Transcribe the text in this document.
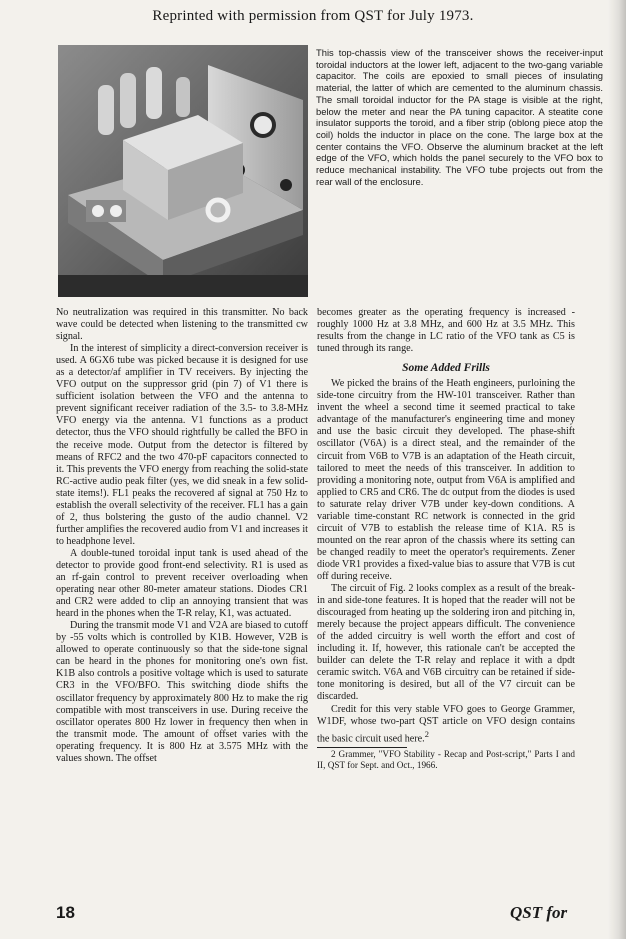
Reprinted with permission from QST for July 1973.
This top-chassis view of the transceiver shows the receiver-input toroidal inductors at the lower left, adjacent to the two-gang variable capacitor. The coils are epoxied to small pieces of insulating material, the latter of which are cemented to the aluminum chassis. The small toroidal inductor for the PA stage is visible at the right, below the meter and near the PA tuning capacitor. A steatite cone insulator supports the toroid, and a fiber strip (oblong piece atop the coil) holds the inductor in place on the cone. The large box at the center contains the VFO. Observe the aluminum bracket at the left edge of the VFO, which holds the panel securely to the VFO box to reduce mechanical instability. The VFO tube projects out from the rear wall of the enclosure.

No neutralization was required in this transmitter. No back wave could be detected when listening to the transmitted cw signal.

In the interest of simplicity a direct-conversion receiver is used. A 6GX6 tube was picked because it is designed for use as a detector/af amplifier in TV receivers. By injecting the VFO output on the suppressor grid (pin 7) of V1 there is sufficient isolation between the VFO and the antenna to prevent significant receiver radiation of the 3.5- to 3.8-MHz VFO energy via the antenna. V1 functions as a product detector, thus the VFO should rightfully be called the BFO in the receive mode. Output from the detector is filtered by means of RFC2 and the two 470-pF capacitors connected to it. This prevents the VFO energy from reaching the solid-state RC-active audio peak filter (yes, we did sneak in a few solid-state items!). FL1 peaks the recovered af signal at 750 Hz to establish the overall selectivity of the receiver. FL1 has a gain of 2, thus bolstering the gusto of the audio channel. V2 further amplifies the recovered audio from V1 and increases it to headphone level.

A double-tuned toroidal input tank is used ahead of the detector to provide good front-end selectivity. R1 is used as an rf-gain control to prevent receiver overloading when operating near other 80-meter amateur stations. Diodes CR1 and CR2 were added to clip an annoying transient that was heard in the phones when the T-R relay, K1, was actuated.

During the transmit mode V1 and V2A are biased to cutoff by -55 volts which is controlled by K1B. However, V2B is allowed to operate continuously so that the side-tone signal can be heard in the phones for monitoring one's own fist. K1B also controls a positive voltage which is used to saturate CR3 in the VFO/BFO. This switching diode shifts the oscillator frequency by approximately 800 Hz to make the rig compatible with most transceivers in use. During receive the oscillator operates 800 Hz lower in frequency then when in the transmit mode. The amount of offset varies with the operating frequency. It is 800 Hz at 3.575 MHz with the values shown. The offset

becomes greater as the operating frequency is increased - roughly 1000 Hz at 3.8 MHz, and 600 Hz at 3.5 MHz. This results from the change in LC ratio of the VFO tank as C5 is tuned through its range.

Some Added Frills

We picked the brains of the Heath engineers, purloining the side-tone circuitry from the HW-101 transceiver. Rather than invent the wheel a second time it seemed practical to take advantage of the manufacturer's engineering time and money and use the basic circuit they developed. The phase-shift oscillator (V6A) is a direct steal, and the remainder of the circuit from V6B to V7B is an adaptation of the Heath circuit, tailored to meet the needs of this transceiver. In addition to providing a monitoring note, output from V6A is amplified and applied to CR5 and CR6. The dc output from the diodes is used to saturate relay driver V7B under key-down conditions. A variable time-constant RC network is connected in the grid circuit of V7B to establish the release time of K1A. R5 is mounted on the rear apron of the chassis where its setting can be changed readily to meet the operator's requirements. Zener diode VR1 provides a fixed-value bias to assure that V7B is cut off during receive.

The circuit of Fig. 2 looks complex as a result of the break-in and side-tone features. It is hoped that the reader will not be discouraged from heating up the soldering iron and pitching in, merely because the project appears difficult. The convenience of the added circuitry is well worth the effort and cost of including it. If, however, this rationale can't be accepted the builder can delete the T-R relay and replace it with a dpdt ceramic switch. V6A and V6B circuitry can be retained if side-tone monitoring is desired, but all of the V7 circuit can be discarded.

Credit for this very stable VFO goes to George Grammer, W1DF, whose two-part QST article on VFO design contains the basic circuit used here.$^2$

2 Grammer, "VFO Stability - Recap and Post-script," Parts I and II, QST for Sept. and Oct., 1966.
18	QST for
